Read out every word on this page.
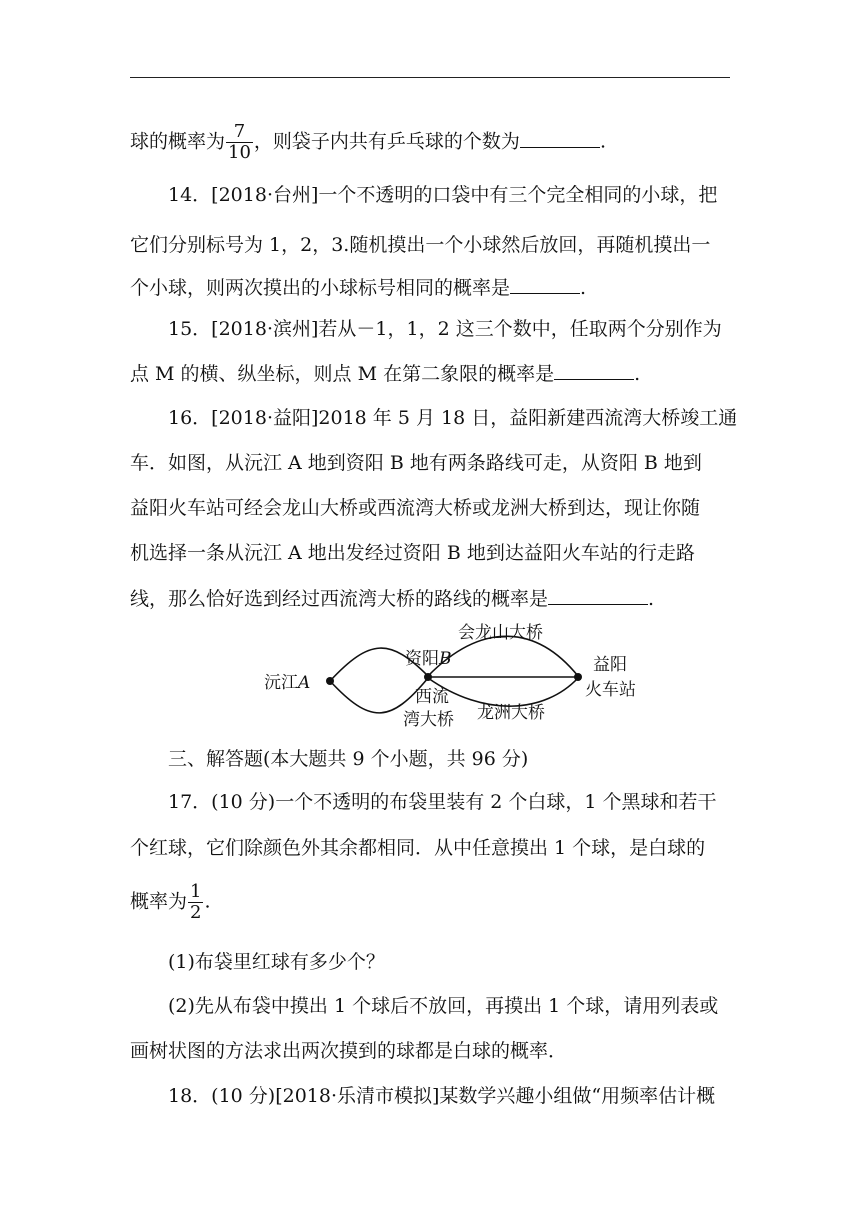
球的概率为 $\frac{7}{10}$ ，则袋子内共有乒乓球的个数为	.
14．[2018·台州]一个不透明的口袋中有三个完全相同的小球，把
它们分别标号为 1，2，3.随机摸出一个小球然后放回，再随机摸出一
个小球，则两次摸出的小球标号相同的概率是	.
15．[2018·滨州]若从－1，1，2 这三个数中，任取两个分别作为
点 M 的横、纵坐标，则点 M 在第二象限的概率是	.
16．[2018·益阳]2018 年 5 月 18 日，益阳新建西流湾大桥竣工通
车．如图，从沅江 A 地到资阳 B 地有两条路线可走，从资阳 B 地到
益阳火车站可经会龙山大桥或西流湾大桥或龙洲大桥到达，现让你随
机选择一条从沅江 A 地出发经过资阳 B 地到达益阳火车站的行走路
线，那么恰好选到经过西流湾大桥的路线的概率是	.
沅江A
资阳B
会龙山大桥
益阳
火车站
西流
湾大桥 龙洲大桥
三、解答题(本大题共 9 个小题，共 96 分)
17．(10 分)一个不透明的布袋里装有 2 个白球，1 个黑球和若干
个红球，它们除颜色外其余都相同．从中任意摸出 1 个球，是白球的
概率为 $\frac{1}{2}$ .
(1)布袋里红球有多少个？
(2)先从布袋中摸出 1 个球后不放回，再摸出 1 个球，请用列表或
画树状图的方法求出两次摸到的球都是白球的概率．
18．(10 分)[2018·乐清市模拟]某数学兴趣小组做“用频率估计概
